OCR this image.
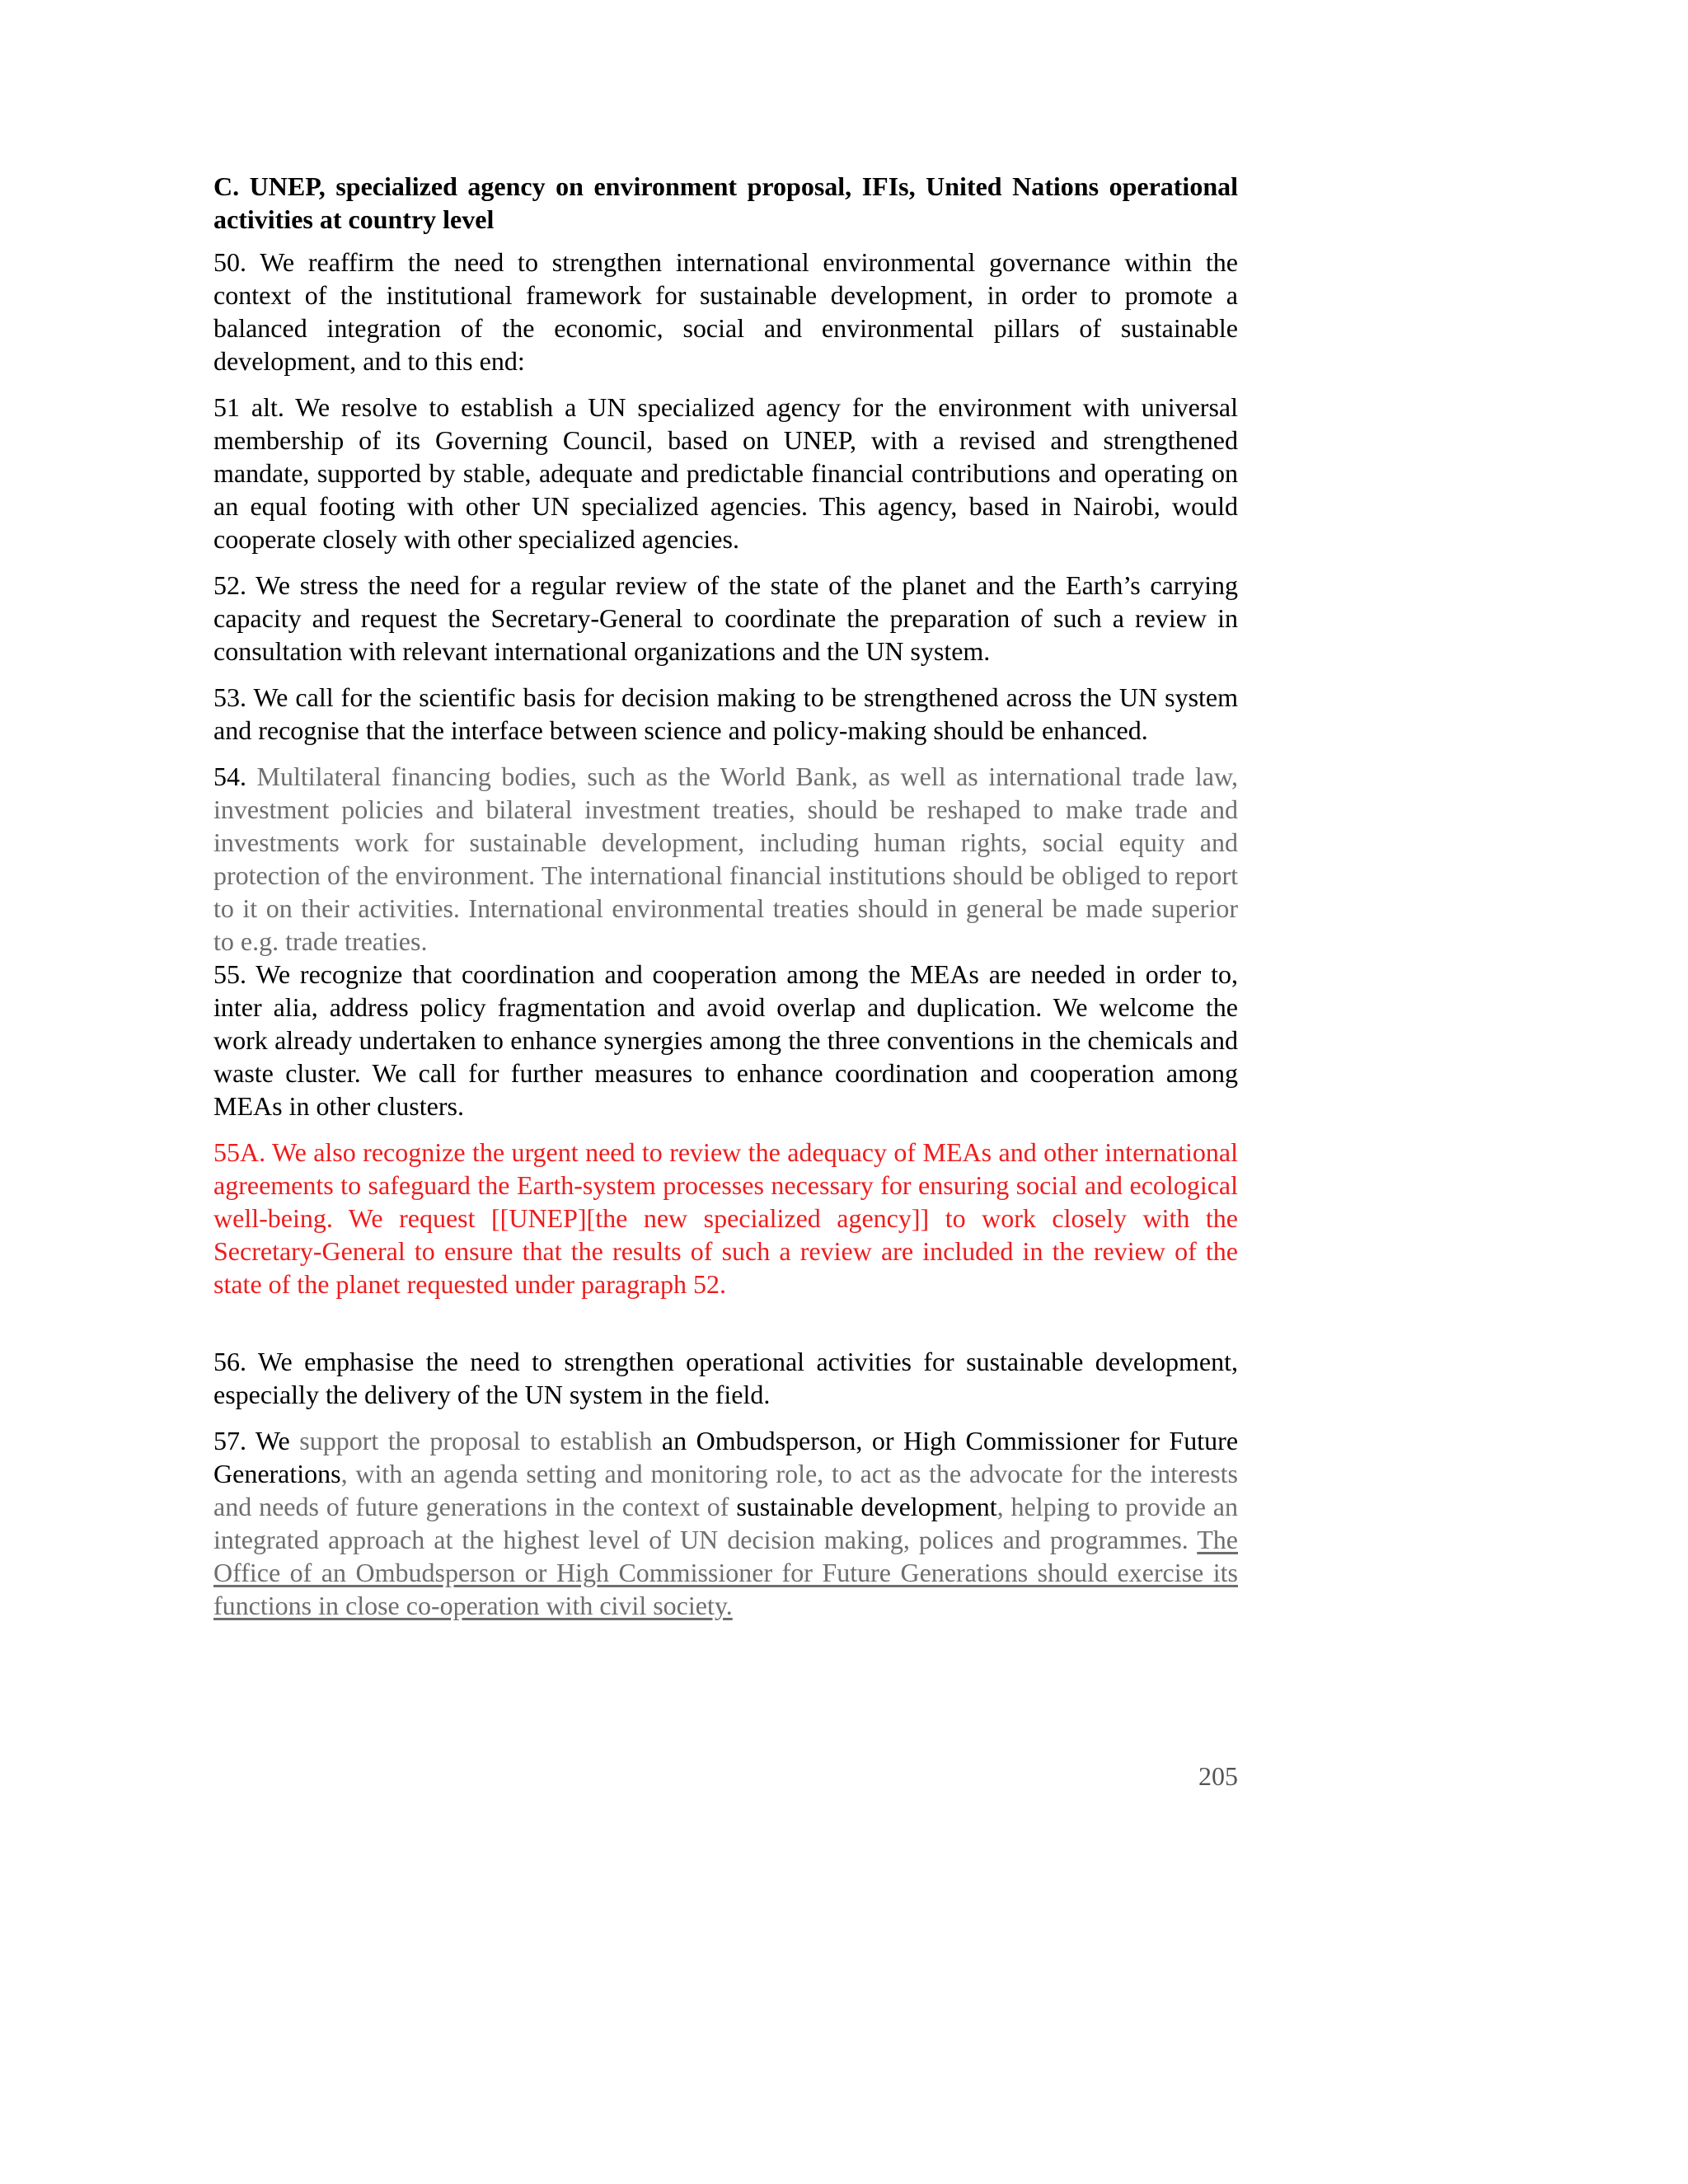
C. UNEP, specialized agency on environment proposal, IFIs, United Nations operational activities at country level

50. We reaffirm the need to strengthen international environmental governance within the context of the institutional framework for sustainable development, in order to promote a balanced integration of the economic, social and environmental pillars of sustainable development, and to this end:

51 alt. We resolve to establish a UN specialized agency for the environment with universal membership of its Governing Council, based on UNEP, with a revised and strengthened mandate, supported by stable, adequate and predictable financial contributions and operating on an equal footing with other UN specialized agencies. This agency, based in Nairobi, would cooperate closely with other specialized agencies.

52. We stress the need for a regular review of the state of the planet and the Earth’s carrying capacity and request the Secretary-General to coordinate the preparation of such a review in consultation with relevant international organizations and the UN system.

53. We call for the scientific basis for decision making to be strengthened across the UN system and recognise that the interface between science and policy-making should be enhanced.

54. Multilateral financing bodies, such as the World Bank, as well as international trade law, investment policies and bilateral investment treaties, should be reshaped to make trade and investments work for sustainable development, including human rights, social equity and protection of the environment. The international financial institutions should be obliged to report to it on their activities. International environmental treaties should in general be made superior to e.g. trade treaties.

55. We recognize that coordination and cooperation among the MEAs are needed in order to, inter alia, address policy fragmentation and avoid overlap and duplication. We welcome the work already undertaken to enhance synergies among the three conventions in the chemicals and waste cluster. We call for further measures to enhance coordination and cooperation among MEAs in other clusters.

55A. We also recognize the urgent need to review the adequacy of MEAs and other international agreements to safeguard the Earth-system processes necessary for ensuring social and ecological well-being. We request [[UNEP][the new specialized agency]] to work closely with the Secretary-General to ensure that the results of such a review are included in the review of the state of the planet requested under paragraph 52.

56. We emphasise the need to strengthen operational activities for sustainable development, especially the delivery of the UN system in the field.

57. We support the proposal to establish an Ombudsperson, or High Commissioner for Future Generations, with an agenda setting and monitoring role, to act as the advocate for the interests and needs of future generations in the context of sustainable development, helping to provide an integrated approach at the highest level of UN decision making, polices and programmes. The Office of an Ombudsperson or High Commissioner for Future Generations should exercise its functions in close co-operation with civil society.

205
